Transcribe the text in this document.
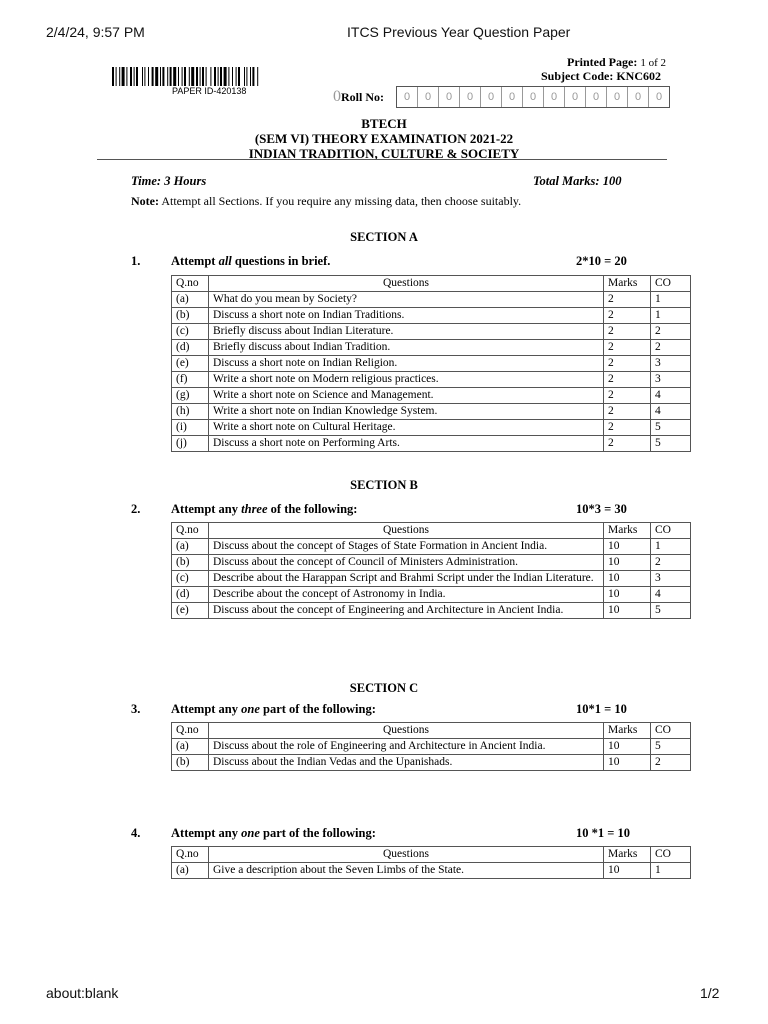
2/4/24, 9:57 PM	ITCS Previous Year Question Paper
about:blank	1/2
Printed Page: 1 of 2
Subject Code: KNC602
PAPER ID-420138	0Roll No:	0	0	0	0	0	0	0	0	0	0	0	0	0
BTECH
(SEM VI) THEORY EXAMINATION 2021-22
INDIAN TRADITION, CULTURE & SOCIETY
Time: 3 Hours	Total Marks: 100
Note: Attempt all Sections. If you require any missing data, then choose suitably.
SECTION A
1. Attempt all questions in brief.	2*10 = 20
Q.no	Questions	Marks	CO
(a)	What do you mean by Society?	2	1
(b)	Discuss a short note on Indian Traditions.	2	1
(c)	Briefly discuss about Indian Literature.	2	2
(d)	Briefly discuss about Indian Tradition.	2	2
(e)	Discuss a short note on Indian Religion.	2	3
(f)	Write a short note on Modern religious practices.	2	3
(g)	Write a short note on Science and Management.	2	4
(h)	Write a short note on Indian Knowledge System.	2	4
(i)	Write a short note on Cultural Heritage.	2	5
(j)	Discuss a short note on Performing Arts.	2	5
SECTION B
2. Attempt any three of the following:	10*3 = 30
Q.no	Questions	Marks	CO
(a)	Discuss about the concept of Stages of State Formation in Ancient India.	10	1
(b)	Discuss about the concept of Council of Ministers Administration.	10	2
(c)	Describe about the Harappan Script and Brahmi Script under the Indian Literature.	10	3
(d)	Describe about the concept of Astronomy in India.	10	4
(e)	Discuss about the concept of Engineering and Architecture in Ancient India.	10	5
SECTION C
3. Attempt any one part of the following:	10*1 = 10
Q.no	Questions	Marks	CO
(a)	Discuss about the role of Engineering and Architecture in Ancient India.	10	5
(b)	Discuss about the Indian Vedas and the Upanishads.	10	2
4. Attempt any one part of the following:	10 *1 = 10
Q.no	Questions	Marks	CO
(a)	Give a description about the Seven Limbs of the State.	10	1
